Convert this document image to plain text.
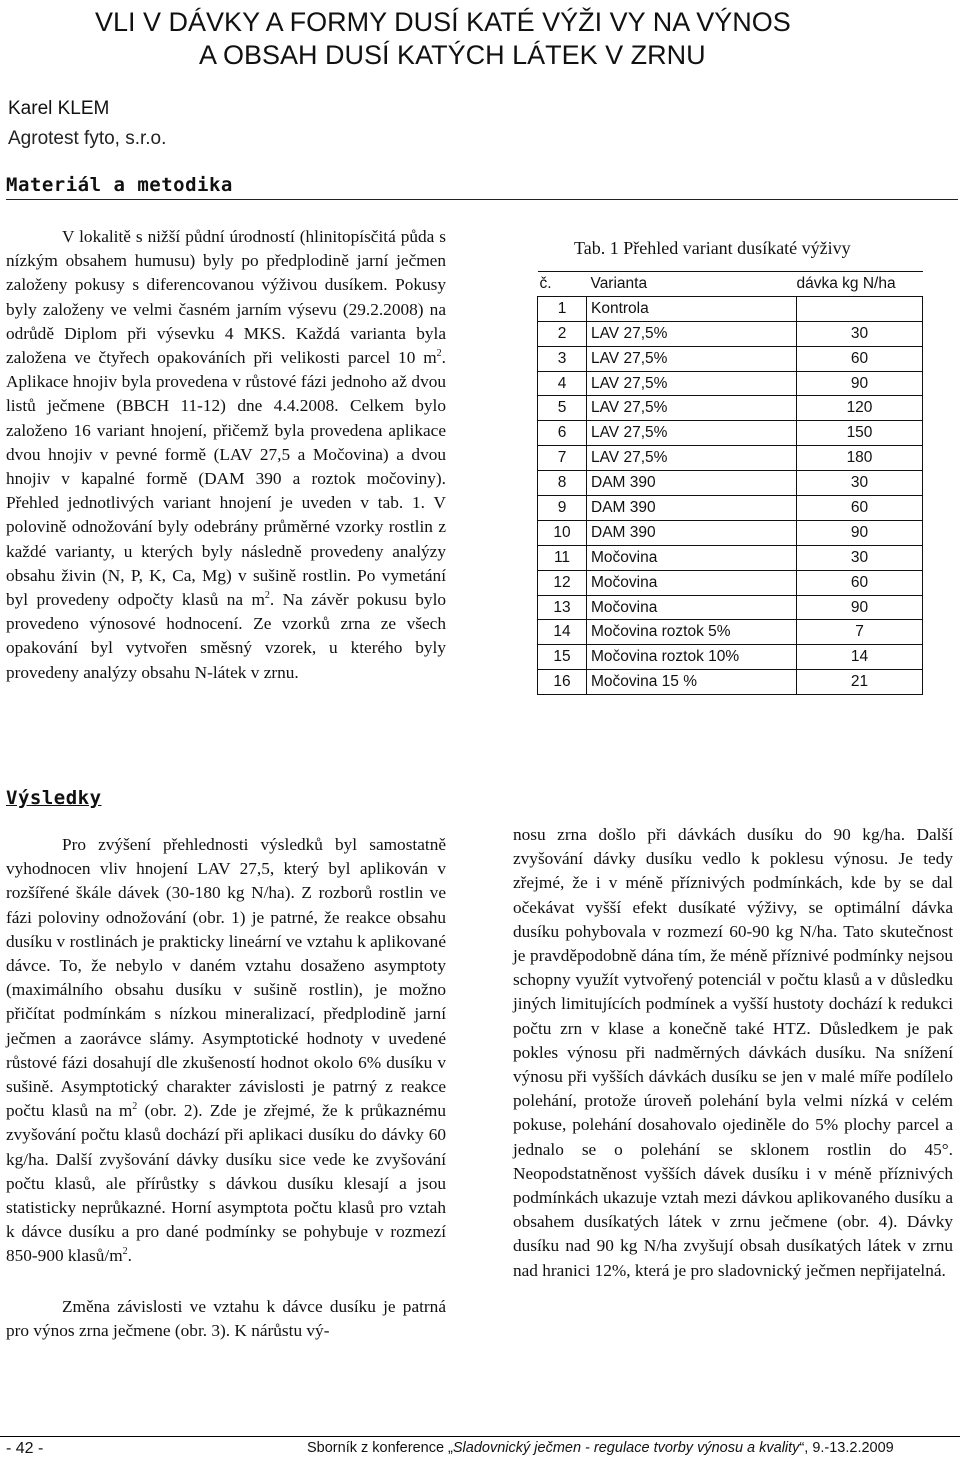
VLI V DÁVKY A FORMY DUSÍ KATÉ VÝŽI VY NA VÝNOS
A OBSAH DUSÍ KATÝCH LÁTEK V ZRNU
Karel KLEM
Agrotest fyto, s.r.o.
Materiál a metodika

V lokalitě s nižší půdní úrodností (hlinitopísčitá půda s nízkým obsahem humusu) byly po předplodině jarní ječmen založeny pokusy s diferencovanou výživou dusíkem. Pokusy byly založeny ve velmi časném jarním výsevu (29.2.2008) na odrůdě Diplom při výsevku 4 MKS. Každá varianta byla založena ve čtyřech opakováních při velikosti parcel 10 $m^2$. Aplikace hnojiv byla provedena v růstové fázi jednoho až dvou listů ječmene (BBCH 11-12) dne 4.4.2008. Celkem bylo založeno 16 variant hnojení, přičemž byla provedena aplikace dvou hnojiv v pevné formě (LAV 27,5 a Močovina) a dvou hnojiv v kapalné formě (DAM 390 a roztok močoviny). Přehled jednotlivých variant hnojení je uveden v tab. 1. V polovině odnožování byly odebrány průměrné vzorky rostlin z každé varianty, u kterých byly následně provedeny analýzy obsahu živin (N, P, K, Ca, Mg) v sušině rostlin. Po vymetání byl provedeny odpočty klasů na $m^2$. Na závěr pokusu bylo provedeno výnosové hodnocení. Ze vzorků zrna ze všech opakování byl vytvořen směsný vzorek, u kterého byly provedeny analýzy obsahu N-látek v zrnu.

Tab. 1 Přehled variant dusíkaté výživy
č.	Varianta	dávka kg N/ha
1	Kontrola	
2	LAV 27,5%	30
3	LAV 27,5%	60
4	LAV 27,5%	90
5	LAV 27,5%	120
6	LAV 27,5%	150
7	LAV 27,5%	180
8	DAM 390	30
9	DAM 390	60
10	DAM 390	90
11	Močovina	30
12	Močovina	60
13	Močovina	90
14	Močovina roztok 5%	7
15	Močovina roztok 10%	14
16	Močovina 15 %	21
Výsledky

Pro zvýšení přehlednosti výsledků byl samostatně vyhodnocen vliv hnojení LAV 27,5, který byl aplikován v rozšířené škále dávek (30-180 kg N/ha). Z rozborů rostlin ve fázi poloviny odnožování (obr. 1) je patrné, že reakce obsahu dusíku v rostlinách je prakticky lineární ve vztahu k aplikované dávce. To, že nebylo v daném vztahu dosaženo asymptoty (maximálního obsahu dusíku v sušině rostlin), je možno přičítat podmínkám s nízkou mineralizací, předplodině jarní ječmen a zaorávce slámy. Asymptotické hodnoty v uvedené růstové fázi dosahují dle zkušeností hodnot okolo 6% dusíku v sušině. Asymptotický charakter závislosti je patrný z reakce počtu klasů na $m^2$ (obr. 2). Zde je zřejmé, že k průkaznému zvyšování počtu klasů dochází při aplikaci dusíku do dávky 60 kg/ha. Další zvyšování dávky dusíku sice vede ke zvyšování počtu klasů, ale přírůstky s dávkou dusíku klesají a jsou statisticky neprůkazné. Horní asymptota počtu klasů pro vztah k dávce dusíku a pro dané podmínky se pohybuje v rozmezí 850-900 klasů/$m^2$.

Změna závislosti ve vztahu k dávce dusíku je patrná pro výnos zrna ječmene (obr. 3). K nárůstu vý-

nosu zrna došlo při dávkách dusíku do 90 kg/ha. Další zvyšování dávky dusíku vedlo k poklesu výnosu. Je tedy zřejmé, že i v méně příznivých podmínkách, kde by se dal očekávat vyšší efekt dusíkaté výživy, se optimální dávka dusíku pohybovala v rozmezí 60-90 kg N/ha. Tato skutečnost je pravděpodobně dána tím, že méně příznivé podmínky nejsou schopny využít vytvořený potenciál v počtu klasů a v důsledku jiných limitujících podmínek a vyšší hustoty dochází k redukci počtu zrn v klase a konečně také HTZ. Důsledkem je pak pokles výnosu při nadměrných dávkách dusíku. Na snížení výnosu při vyšších dávkách dusíku se jen v malé míře podílelo polehání, protože úroveň polehání byla velmi nízká v celém pokuse, polehání dosahovalo ojediněle do 5% plochy parcel a jednalo se o polehání se sklonem rostlin do 45°. Neopodstatněnost vyšších dávek dusíku i v méně příznivých podmínkách ukazuje vztah mezi dávkou aplikovaného dusíku a obsahem dusíkatých látek v zrnu ječmene (obr. 4). Dávky dusíku nad 90 kg N/ha zvyšují obsah dusíkatých látek v zrnu nad hranici 12%, která je pro sladovnický ječmen nepřijatelná.

- 42 -	Sborník z konference „Sladovnický ječmen - regulace tvorby výnosu a kvality“, 9.-13.2.2009
